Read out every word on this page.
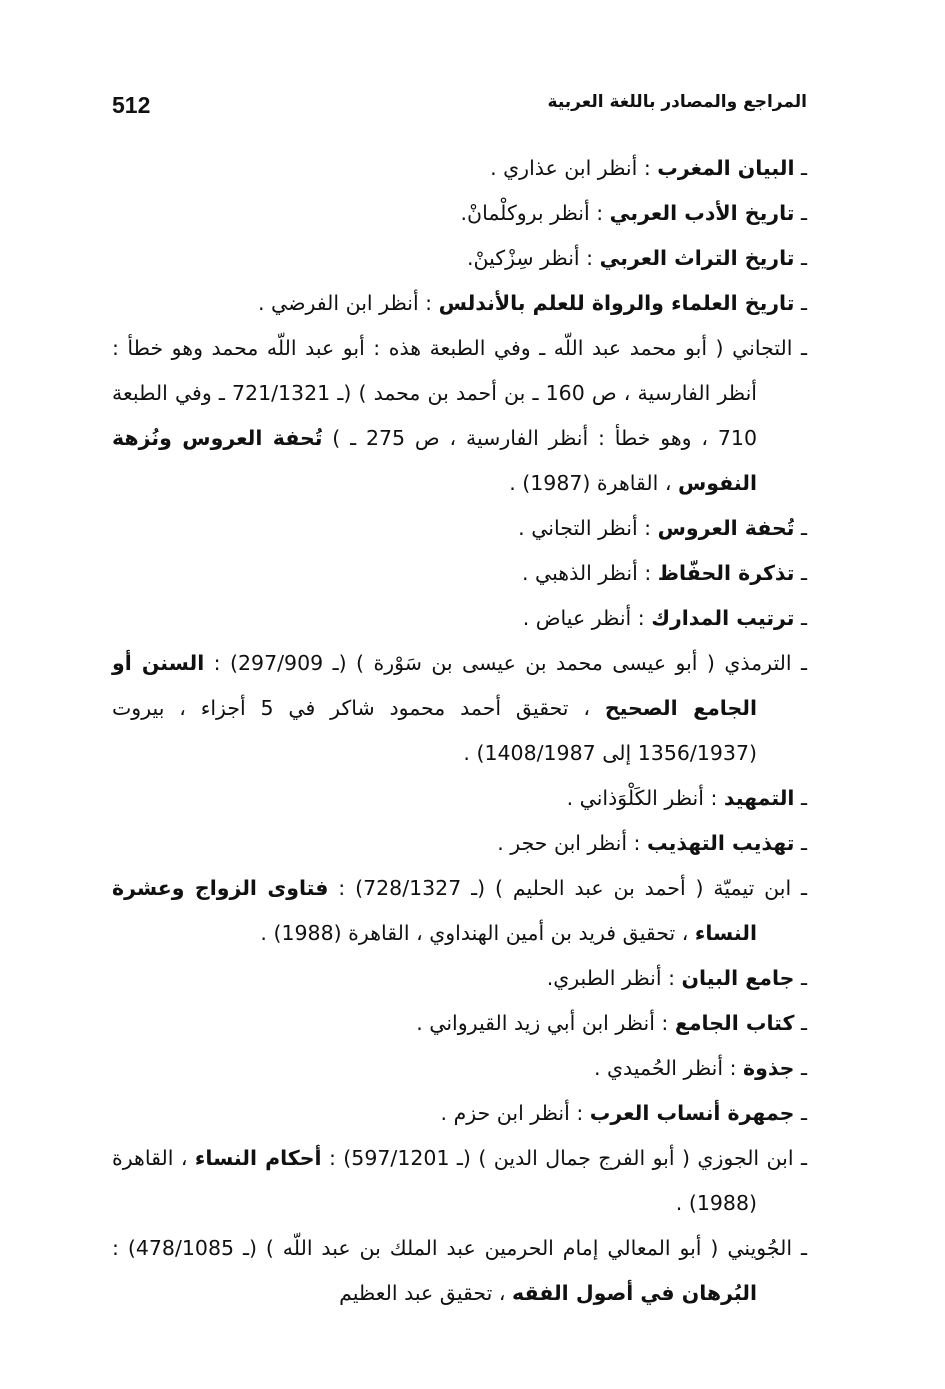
512	المراجع والمصادر باللغة العربية
ـ البيان المغرب : أنظر ابن عذاري .
ـ تاريخ الأدب العربي : أنظر بروكلْمانْ.
ـ تاريخ التراث العربي : أنظر سِزْكينْ.
ـ تاريخ العلماء والرواة للعلم بالأندلس : أنظر ابن الفرضي .
ـ التجاني ( أبو محمد عبد اللّه ـ وفي الطبعة هذه : أبو عبد اللّه محمد وهو خطأ : أنظر الفارسية ، ص 160 ـ بن أحمد بن محمد ) (ـ 721/1321 ـ وفي الطبعة 710 ، وهو خطأ : أنظر الفارسية ، ص 275 ـ ) تُحفة العروس ونُزهة النفوس ، القاهرة (1987) .
ـ تُحفة العروس : أنظر التجاني .
ـ تذكرة الحفّاظ : أنظر الذهبي .
ـ ترتيب المدارك : أنظر عياض .
ـ الترمذي ( أبو عيسى محمد بن عيسى بن سَوْرة ) (ـ 297/909) : السنن أو الجامع الصحيح ، تحقيق أحمد محمود شاكر في 5 أجزاء ، بيروت (1356/1937 إلى 1408/1987) .
ـ التمهيد : أنظر الكَلْوَذاني .
ـ تهذيب التهذيب : أنظر ابن حجر .
ـ ابن تيميّة ( أحمد بن عبد الحليم ) (ـ 728/1327) : فتاوى الزواج وعشرة النساء ، تحقيق فريد بن أمين الهنداوي ، القاهرة (1988) .
ـ جامع البيان : أنظر الطبري.
ـ كتاب الجامع : أنظر ابن أبي زيد القيرواني .
ـ جذوة : أنظر الحُميدي .
ـ جمهرة أنساب العرب : أنظر ابن حزم .
ـ ابن الجوزي ( أبو الفرج جمال الدين ) (ـ 597/1201) : أحكام النساء ، القاهرة (1988) .
ـ الجُويني ( أبو المعالي إمام الحرمين عبد الملك بن عبد اللّه ) (ـ 478/1085) : البُرهان في أصول الفقه ، تحقيق عبد العظيم
